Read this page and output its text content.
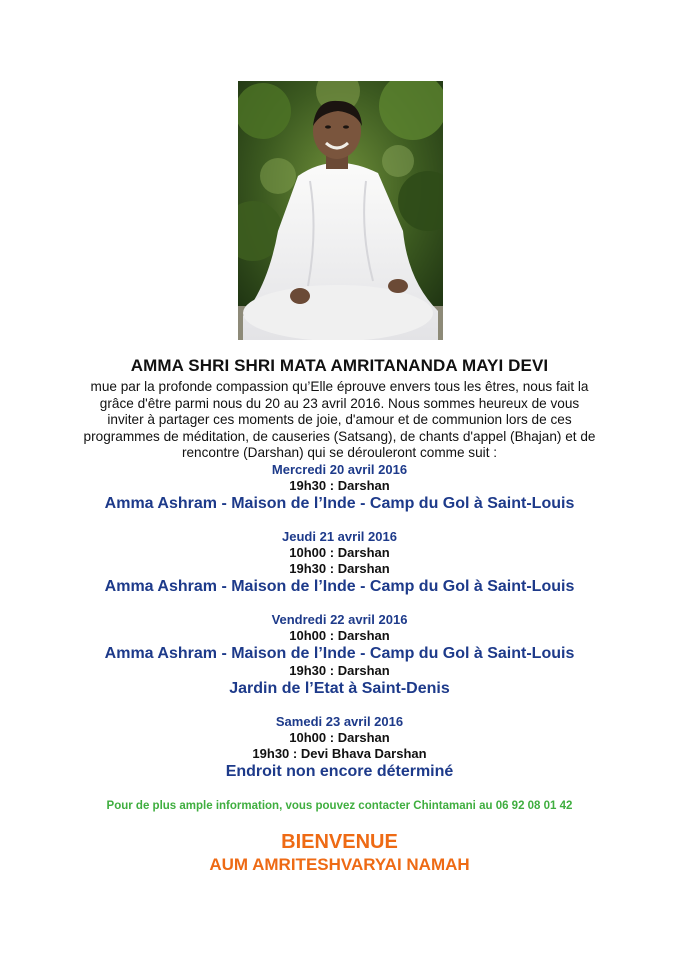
AMMA SHRI SHRI MATA AMRITANANDA MAYI DEVI
mue par la profonde compassion qu’Elle éprouve envers tous les êtres, nous fait la
grâce d'être parmi nous du 20 au 23 avril 2016. Nous sommes heureux de vous
inviter à partager ces moments de joie, d'amour et de communion lors de ces
programmes de méditation, de causeries (Satsang), de chants d'appel (Bhajan) et de
rencontre (Darshan) qui se dérouleront comme suit :
Mercredi 20 avril 2016
19h30 : Darshan
Amma Ashram - Maison de l’Inde - Camp du Gol à Saint-Louis
Jeudi 21 avril 2016
10h00 : Darshan
19h30 : Darshan
Amma Ashram - Maison de l’Inde - Camp du Gol à Saint-Louis
Vendredi 22 avril 2016
10h00 : Darshan
Amma Ashram - Maison de l’Inde - Camp du Gol à Saint-Louis
19h30 : Darshan
Jardin de l’Etat à Saint-Denis
Samedi 23 avril 2016
10h00 : Darshan
19h30 : Devi Bhava Darshan
Endroit non encore déterminé
Pour de plus ample information, vous pouvez contacter Chintamani au 06 92 08 01 42
BIENVENUE
AUM AMRITESHVARYAI NAMAH
